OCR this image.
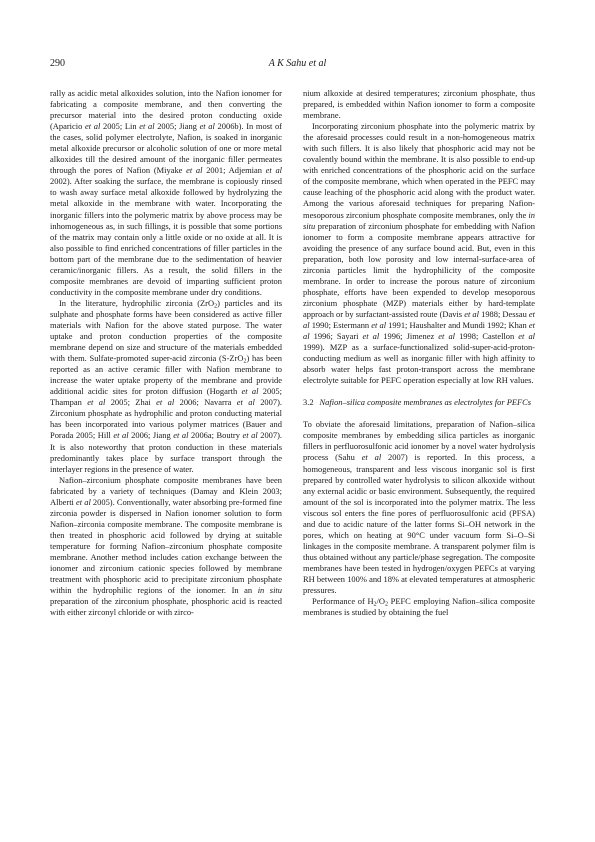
290	A K Sahu et al

rally as acidic metal alkoxides solution, into the Nafion ionomer for fabricating a composite membrane, and then converting the precursor material into the desired proton conducting oxide (Aparicio et al 2005; Lin et al 2005; Jiang et al 2006b). In most of the cases, solid polymer electrolyte, Nafion, is soaked in inorganic metal alkoxide precursor or alcoholic solution of one or more metal alkoxides till the desired amount of the inorganic filler permeates through the pores of Nafion (Miyake et al 2001; Adjemian et al 2002). After soaking the surface, the membrane is copiously rinsed to wash away surface metal alkoxide followed by hydrolyzing the metal alkoxide in the membrane with water. Incorporating the inorganic fillers into the polymeric matrix by above process may be inhomogeneous as, in such fillings, it is possible that some portions of the matrix may contain only a little oxide or no oxide at all. It is also possible to find enriched concentrations of filler particles in the bottom part of the membrane due to the sedimentation of heavier ceramic/inorganic fillers. As a result, the solid fillers in the composite membranes are devoid of imparting sufficient proton conductivity in the composite membrane under dry conditions.

In the literature, hydrophilic zirconia (ZrO$_2$) particles and its sulphate and phosphate forms have been considered as active filler materials with Nafion for the above stated purpose. The water uptake and proton conduction properties of the composite membrane depend on size and structure of the materials embedded with them. Sulfate-promoted super-acid zirconia (S-ZrO$_2$) has been reported as an active ceramic filler with Nafion membrane to increase the water uptake property of the membrane and provide additional acidic sites for proton diffusion (Hogarth et al 2005; Thampan et al 2005; Zhai et al 2006; Navarra et al 2007). Zirconium phosphate as hydrophilic and proton conducting material has been incorporated into various polymer matrices (Bauer and Porada 2005; Hill et al 2006; Jiang et al 2006a; Boutry et al 2007). It is also noteworthy that proton conduction in these materials predominantly takes place by surface transport through the interlayer regions in the presence of water.

Nafion–zirconium phosphate composite membranes have been fabricated by a variety of techniques (Damay and Klein 2003; Alberti et al 2005). Conventionally, water absorbing pre-formed fine zirconia powder is dispersed in Nafion ionomer solution to form Nafion–zirconia composite membrane. The composite membrane is then treated in phosphoric acid followed by drying at suitable temperature for forming Nafion–zirconium phosphate composite membrane. Another method includes cation exchange between the ionomer and zirconium cationic species followed by membrane treatment with phosphoric acid to precipitate zirconium phosphate within the hydrophilic regions of the ionomer. In an in situ preparation of the zirconium phosphate, phosphoric acid is reacted with either zirconyl chloride or with zirco-

nium alkoxide at desired temperatures; zirconium phosphate, thus prepared, is embedded within Nafion ionomer to form a composite membrane.

Incorporating zirconium phosphate into the polymeric matrix by the aforesaid processes could result in a non-homogeneous matrix with such fillers. It is also likely that phosphoric acid may not be covalently bound within the membrane. It is also possible to end-up with enriched concentrations of the phosphoric acid on the surface of the composite membrane, which when operated in the PEFC may cause leaching of the phosphoric acid along with the product water. Among the various aforesaid techniques for preparing Nafion-mesoporous zirconium phosphate composite membranes, only the in situ preparation of zirconium phosphate for embedding with Nafion ionomer to form a composite membrane appears attractive for avoiding the presence of any surface bound acid. But, even in this preparation, both low porosity and low internal-surface-area of zirconia particles limit the hydrophilicity of the composite membrane. In order to increase the porous nature of zirconium phosphate, efforts have been expended to develop mesoporous zirconium phosphate (MZP) materials either by hard-template approach or by surfactant-assisted route (Davis et al 1988; Dessau et al 1990; Estermann et al 1991; Haushalter and Mundi 1992; Khan et al 1996; Sayari et al 1996; Jimenez et al 1998; Castellon et al 1999). MZP as a surface-functionalized solid-super-acid-proton-conducting medium as well as inorganic filler with high affinity to absorb water helps fast proton-transport across the membrane electrolyte suitable for PEFC operation especially at low RH values.

3.2 Nafion–silica composite membranes as electrolytes for PEFCs

To obviate the aforesaid limitations, preparation of Nafion–silica composite membranes by embedding silica particles as inorganic fillers in perfluorosulfonic acid ionomer by a novel water hydrolysis process (Sahu et al 2007) is reported. In this process, a homogeneous, transparent and less viscous inorganic sol is first prepared by controlled water hydrolysis to silicon alkoxide without any external acidic or basic environment. Subsequently, the required amount of the sol is incorporated into the polymer matrix. The less viscous sol enters the fine pores of perfluorosulfonic acid (PFSA) and due to acidic nature of the latter forms Si–OH network in the pores, which on heating at 90°C under vacuum form Si–O–Si linkages in the composite membrane. A transparent polymer film is thus obtained without any particle/phase segregation. The composite membranes have been tested in hydrogen/oxygen PEFCs at varying RH between 100% and 18% at elevated temperatures at atmospheric pressures.

Performance of $H_2/O_2$ PEFC employing Nafion–silica composite membranes is studied by obtaining the fuel
